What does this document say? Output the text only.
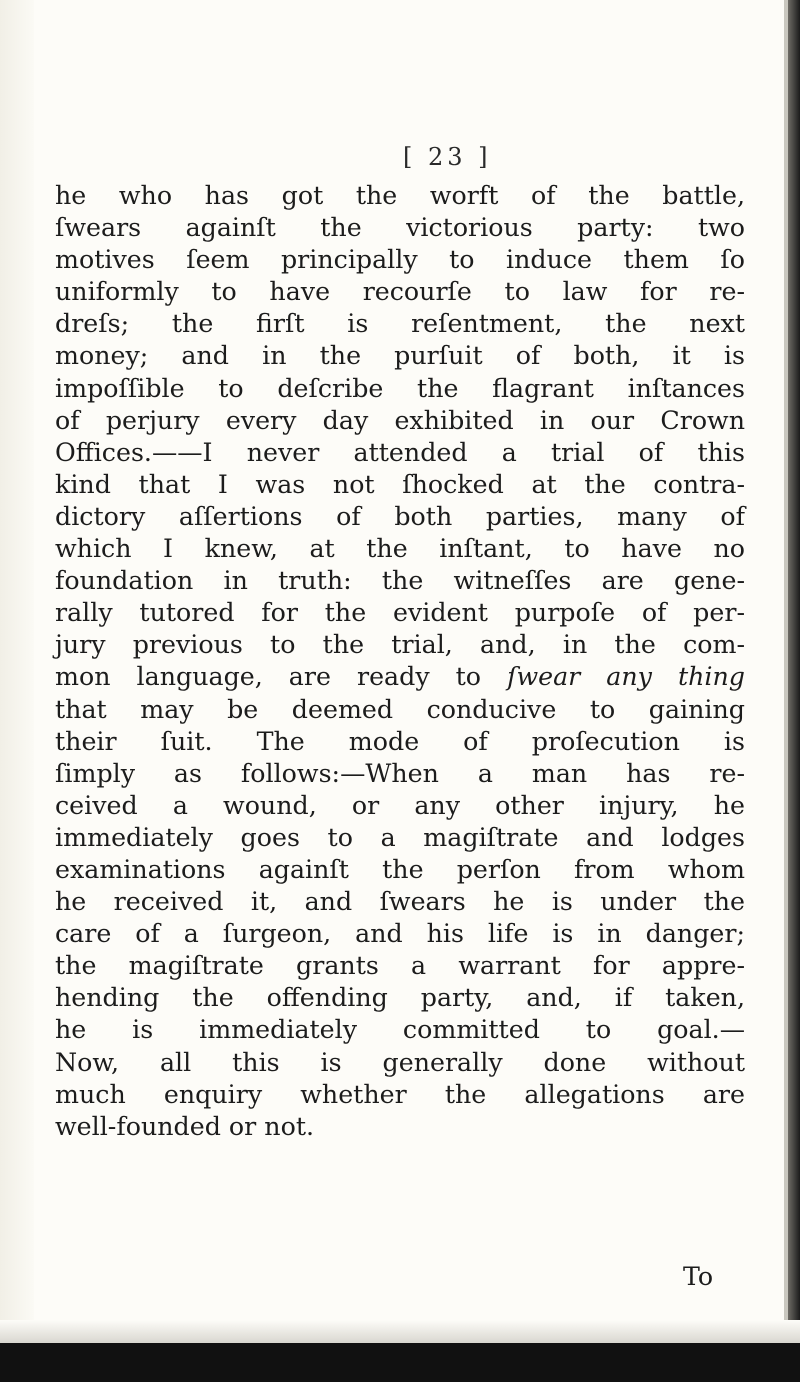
[ 23 ]
he who has got the worft of the battle,
ſwears againſt the victorious party: two
motives ſeem principally to induce them ſo
uniformly to have recourſe to law for re-
dreſs; the firſt is reſentment, the next
money; and in the purſuit of both, it is
impoſſible to deſcribe the flagrant inſtances
of perjury every day exhibited in our Crown
Offices.——I never attended a trial of this
kind that I was not ſhocked at the contra-
dictory aſſertions of both parties, many of
which I knew, at the inſtant, to have no
foundation in truth: the witneſſes are gene-
rally tutored for the evident purpoſe of per-
jury previous to the trial, and, in the com-
mon language, are ready to ſwear any thing
that may be deemed conducive to gaining
their ſuit. The mode of proſecution is
ſimply as follows:—When a man has re-
ceived a wound, or any other injury, he
immediately goes to a magiſtrate and lodges
examinations againſt the perſon from whom
he received it, and ſwears he is under the
care of a ſurgeon, and his life is in danger;
the magiſtrate grants a warrant for appre-
hending the offending party, and, if taken,
he is immediately committed to goal.—
Now, all this is generally done without
much enquiry whether the allegations are
well-founded or not.
To
